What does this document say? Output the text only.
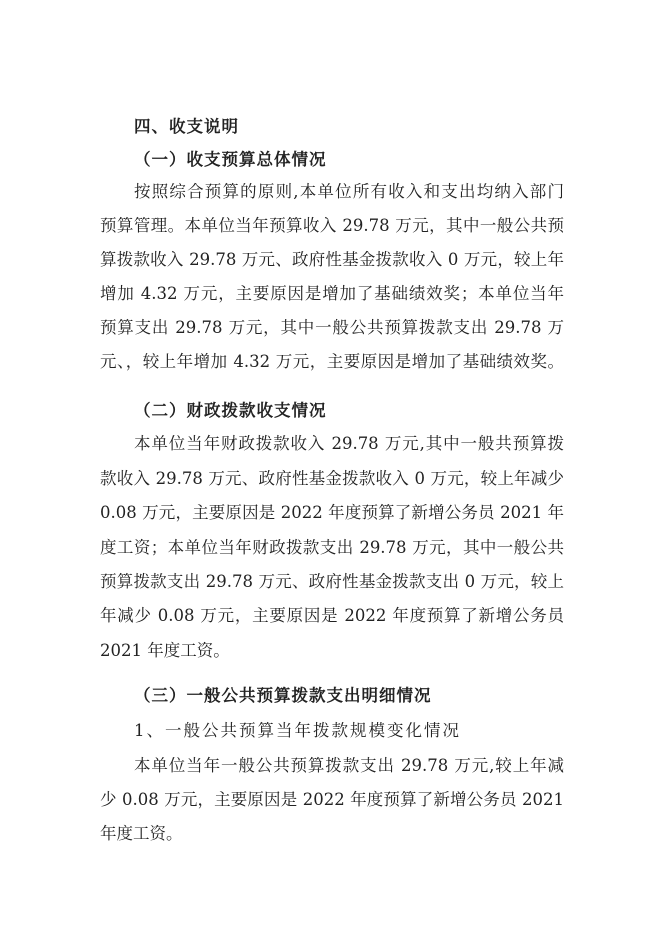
四、收支说明
（一）收支预算总体情况
按照综合预算的原则,本单位所有收入和支出均纳入部门
预算管理。本单位当年预算收入 29.78 万元，其中一般公共预
算拨款收入 29.78 万元、政府性基金拨款收入 0 万元，较上年
增加 4.32 万元，主要原因是增加了基础绩效奖；本单位当年
预算支出 29.78 万元，其中一般公共预算拨款支出 29.78 万
元、，较上年增加 4.32 万元，主要原因是增加了基础绩效奖。
（二）财政拨款收支情况
本单位当年财政拨款收入 29.78 万元,其中一般共预算拨
款收入 29.78 万元、政府性基金拨款收入 0 万元，较上年减少
0.08 万元，主要原因是 2022 年度预算了新增公务员 2021 年
度工资；本单位当年财政拨款支出 29.78 万元，其中一般公共
预算拨款支出 29.78 万元、政府性基金拨款支出 0 万元，较上
年减少 0.08 万元，主要原因是 2022 年度预算了新增公务员
2021 年度工资。
（三）一般公共预算拨款支出明细情况
1、一般公共预算当年拨款规模变化情况
本单位当年一般公共预算拨款支出 29.78 万元,较上年减
少 0.08 万元，主要原因是 2022 年度预算了新增公务员 2021
年度工资。
